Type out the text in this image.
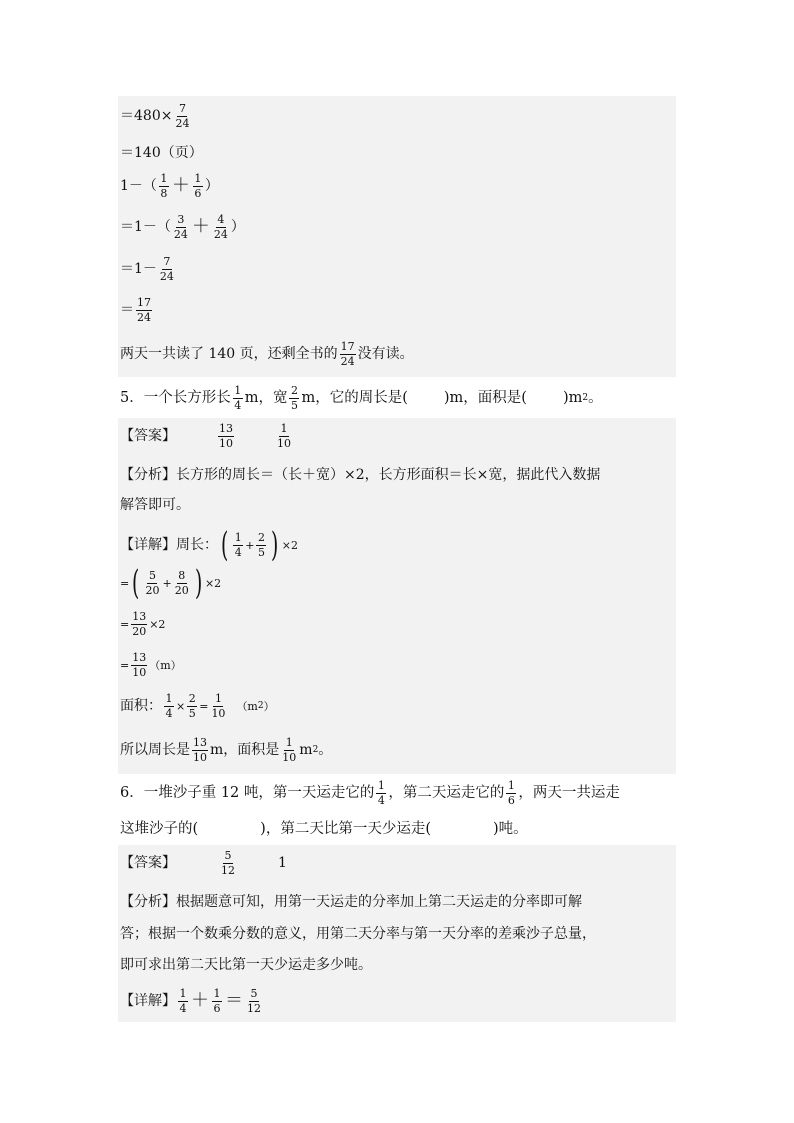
$=480\times \frac{7}{24}$
＝140（页）
$1-( \frac{1}{8} + \frac{1}{6}$ ）
$=1-( \frac{3}{24} + \frac{4}{24}$ ）
$=1- \frac{7}{24}$
＝ $\frac{17}{24}$
两天一共读了 140 页，还剩全书的 $\frac{17}{24}$ 没有读。
5．一个长方形长 $\frac{1}{4}$ m，宽 $\frac{2}{5}$ m，它的周长是( )m，面积是( )m 2 。
【答案】	$\frac{13}{10}$	$\frac{1}{10}$
【分析】 长方形的周长＝（长＋宽）×2，长方形面积＝长×宽，据此代入数据
解答即可。
【详解】 周长： ( $\frac{1}{4} + \frac{2}{5}$ ) ×2
= ( $\frac{5}{20} + \frac{8}{20}$ ) ×2
= $\frac{13}{20} \times 2$
= $\frac{13}{10} (m)$
面积： $\frac{1}{4} \times \frac{2}{5} = \frac{1}{10} (m$ 2 ）
所以周长是 $\frac{13}{10}$ m，面积是 $\frac{1}{10}$ m 2 。
6．一堆沙子重 12 吨，第一天运走它的 $\frac{1}{4}$ ，第二天运走它的 $\frac{1}{6}$ ，两天一共运走
这堆沙子的(	)，第二天比第一天少运走(	)吨。
【答案】	$\frac{5}{12}$	1
【分析】 根据题意可知，用第一天运走的分率加上第二天运走的分率即可解
答；根据一个数乘分数的意义，用第二天分率与第一天分率的差乘沙子总量，
即可求出第二天比第一天少运走多少吨。
【详解】 $\frac{1}{4} + \frac{1}{6} = \frac{5}{12}$
